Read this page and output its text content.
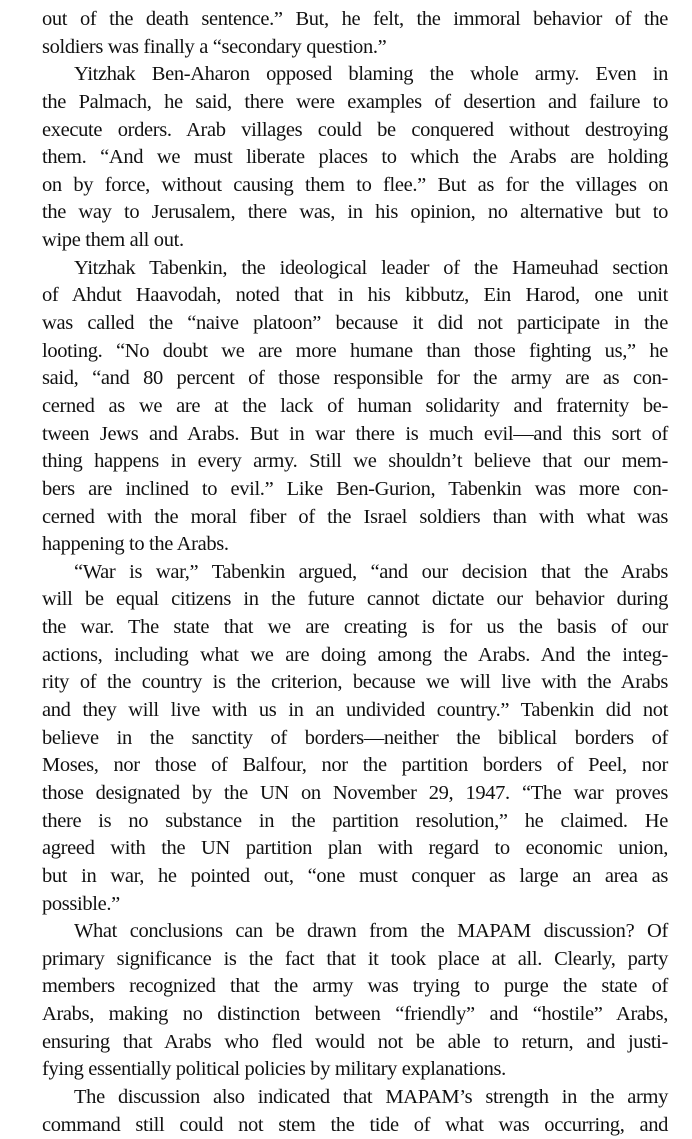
out of the death sentence.” But, he felt, the immoral behavior of the
soldiers was finally a “secondary question.”
Yitzhak Ben-Aharon opposed blaming the whole army. Even in
the Palmach, he said, there were examples of desertion and failure to
execute orders. Arab villages could be conquered without destroying
them. “And we must liberate places to which the Arabs are holding
on by force, without causing them to flee.” But as for the villages on
the way to Jerusalem, there was, in his opinion, no alternative but to
wipe them all out.
Yitzhak Tabenkin, the ideological leader of the Hameuhad section
of Ahdut Haavodah, noted that in his kibbutz, Ein Harod, one unit
was called the “naive platoon” because it did not participate in the
looting. “No doubt we are more humane than those fighting us,” he
said, “and 80 percent of those responsible for the army are as con-
cerned as we are at the lack of human solidarity and fraternity be-
tween Jews and Arabs. But in war there is much evil—and this sort of
thing happens in every army. Still we shouldn’t believe that our mem-
bers are inclined to evil.” Like Ben-Gurion, Tabenkin was more con-
cerned with the moral fiber of the Israel soldiers than with what was
happening to the Arabs.
“War is war,” Tabenkin argued, “and our decision that the Arabs
will be equal citizens in the future cannot dictate our behavior during
the war. The state that we are creating is for us the basis of our
actions, including what we are doing among the Arabs. And the integ-
rity of the country is the criterion, because we will live with the Arabs
and they will live with us in an undivided country.” Tabenkin did not
believe in the sanctity of borders—neither the biblical borders of
Moses, nor those of Balfour, nor the partition borders of Peel, nor
those designated by the UN on November 29, 1947. “The war proves
there is no substance in the partition resolution,” he claimed. He
agreed with the UN partition plan with regard to economic union,
but in war, he pointed out, “one must conquer as large an area as
possible.”
What conclusions can be drawn from the MAPAM discussion? Of
primary significance is the fact that it took place at all. Clearly, party
members recognized that the army was trying to purge the state of
Arabs, making no distinction between “friendly” and “hostile” Arabs,
ensuring that Arabs who fled would not be able to return, and justi-
fying essentially political policies by military explanations.
The discussion also indicated that MAPAM’s strength in the army
command still could not stem the tide of what was occurring, and
